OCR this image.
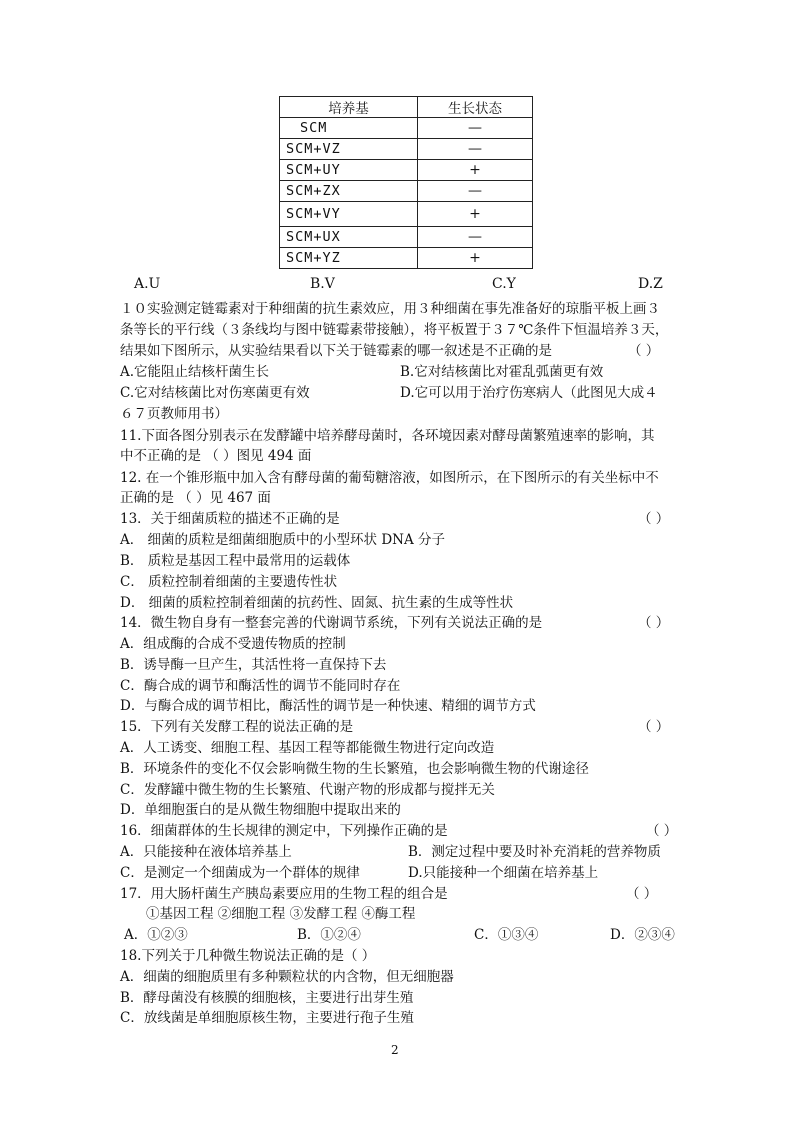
培养基	生长状态
SCM	—
SCM+VZ	—
SCM+UY	+
SCM+ZX	—
SCM+VY	+
SCM+UX	—
SCM+YZ	+
A.U	B.V	C.Y	D.Z
１０实验测定链霉素对于种细菌的抗生素效应，用３种细菌在事先准备好的琼脂平板上画３
条等长的平行线（３条线均与图中链霉素带接触），将平板置于３７℃条件下恒温培养３天，
结果如下图所示，从实验结果看以下关于链霉素的哪一叙述是不正确的是	（ ）
A.它能阻止结核杆菌生长	B.它对结核菌比对霍乱弧菌更有效
C.它对结核菌比对伤寒菌更有效	D.它可以用于治疗伤寒病人（此图见大成４
６７页教师用书）
11.下面各图分别表示在发酵罐中培养酵母菌时，各环境因素对酵母菌繁殖速率的影响，其
中不正确的是 （ ）图见 494 面
12. 在一个锥形瓶中加入含有酵母菌的葡萄糖溶液，如图所示，在下图所示的有关坐标中不
正确的是 （ ）见 467 面
13．关于细菌质粒的描述不正确的是	（ ）
A． 细菌的质粒是细菌细胞质中的小型环状 DNA 分子
B． 质粒是基因工程中最常用的运载体
C． 质粒控制着细菌的主要遗传性状
D． 细菌的质粒控制着细菌的抗药性、固氮、抗生素的生成等性状
14．微生物自身有一整套完善的代谢调节系统，下列有关说法正确的是	（ ）
A．组成酶的合成不受遗传物质的控制
B．诱导酶一旦产生，其活性将一直保持下去
C．酶合成的调节和酶活性的调节不能同时存在
D．与酶合成的调节相比，酶活性的调节是一种快速、精细的调节方式
15．下列有关发酵工程的说法正确的是	（ ）
A．人工诱变、细胞工程、基因工程等都能微生物进行定向改造
B．环境条件的变化不仅会影响微生物的生长繁殖，也会影响微生物的代谢途径
C．发酵罐中微生物的生长繁殖、代谢产物的形成都与搅拌无关
D．单细胞蛋白的是从微生物细胞中提取出来的
16．细菌群体的生长规律的测定中，下列操作正确的是	（ ）
A．只能接种在液体培养基上	B．测定过程中要及时补充消耗的营养物质
C．是测定一个细菌成为一个群体的规律	D.只能接种一个细菌在培养基上
17．用大肠杆菌生产胰岛素要应用的生物工程的组合是	（ ）
①基因工程 ②细胞工程 ③发酵工程 ④酶工程
A．①②③	B．①②④	C．①③④	D．②③④
18.下列关于几种微生物说法正确的是（ ）
A．细菌的细胞质里有多种颗粒状的内含物，但无细胞器
B．酵母菌没有核膜的细胞核，主要进行出芽生殖
C．放线菌是单细胞原核生物，主要进行孢子生殖
2
